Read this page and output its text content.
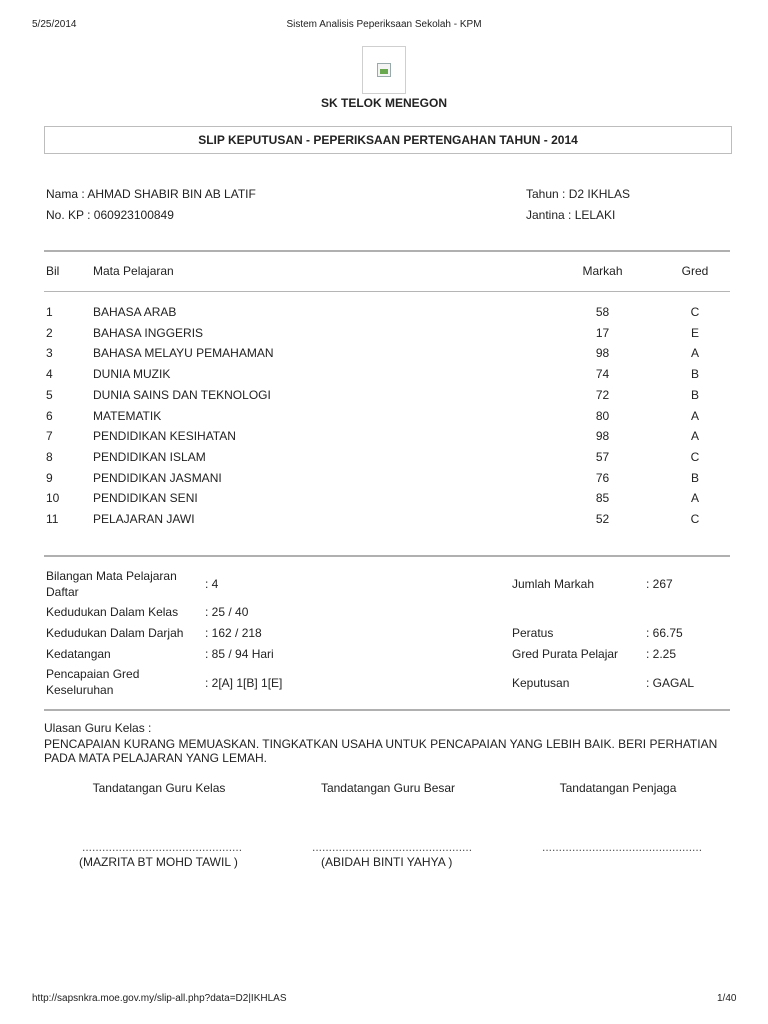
5/25/2014	Sistem Analisis Peperiksaan Sekolah - KPM
SK TELOK MENEGON
SLIP KEPUTUSAN - PEPERIKSAAN PERTENGAHAN TAHUN - 2014
Nama : AHMAD SHABIR BIN AB LATIF
No. KP : 060923100849
Tahun : D2 IKHLAS
Jantina : LELAKI
Bil	Mata Pelajaran	Markah	Gred
1	BAHASA ARAB	58	C
2	BAHASA INGGERIS	17	E
3	BAHASA MELAYU PEMAHAMAN	98	A
4	DUNIA MUZIK	74	B
5	DUNIA SAINS DAN TEKNOLOGI	72	B
6	MATEMATIK	80	A
7	PENDIDIKAN KESIHATAN	98	A
8	PENDIDIKAN ISLAM	57	C
9	PENDIDIKAN JASMANI	76	B
10	PENDIDIKAN SENI	85	A
11	PELAJARAN JAWI	52	C
Bilangan Mata Pelajaran
Daftar
: 4	Jumlah Markah	: 267
Kedudukan Dalam Kelas : 25 / 40
Kedudukan Dalam Darjah : 162 / 218	Peratus	: 66.75
Kedatangan	: 85 / 94 Hari	Gred Purata Pelajar : 2.25
Pencapaian Gred
Keseluruhan	: 2[A] 1[B] 1[E]	Keputusan	: GAGAL
Ulasan Guru Kelas :
PENCAPAIAN KURANG MEMUASKAN. TINGKATKAN USAHA UNTUK PENCAPAIAN YANG LEBIH BAIK. BERI PERHATIAN
PADA MATA PELAJARAN YANG LEMAH.
Tandatangan Guru Kelas	Tandatangan Guru Besar	Tandatangan Penjaga
................................................	................................................	................................................
(MAZRITA BT MOHD TAWIL )	(ABIDAH BINTI YAHYA )
http://sapsnkra.moe.gov.my/slip-all.php?data=D2|IKHLAS	1/40
